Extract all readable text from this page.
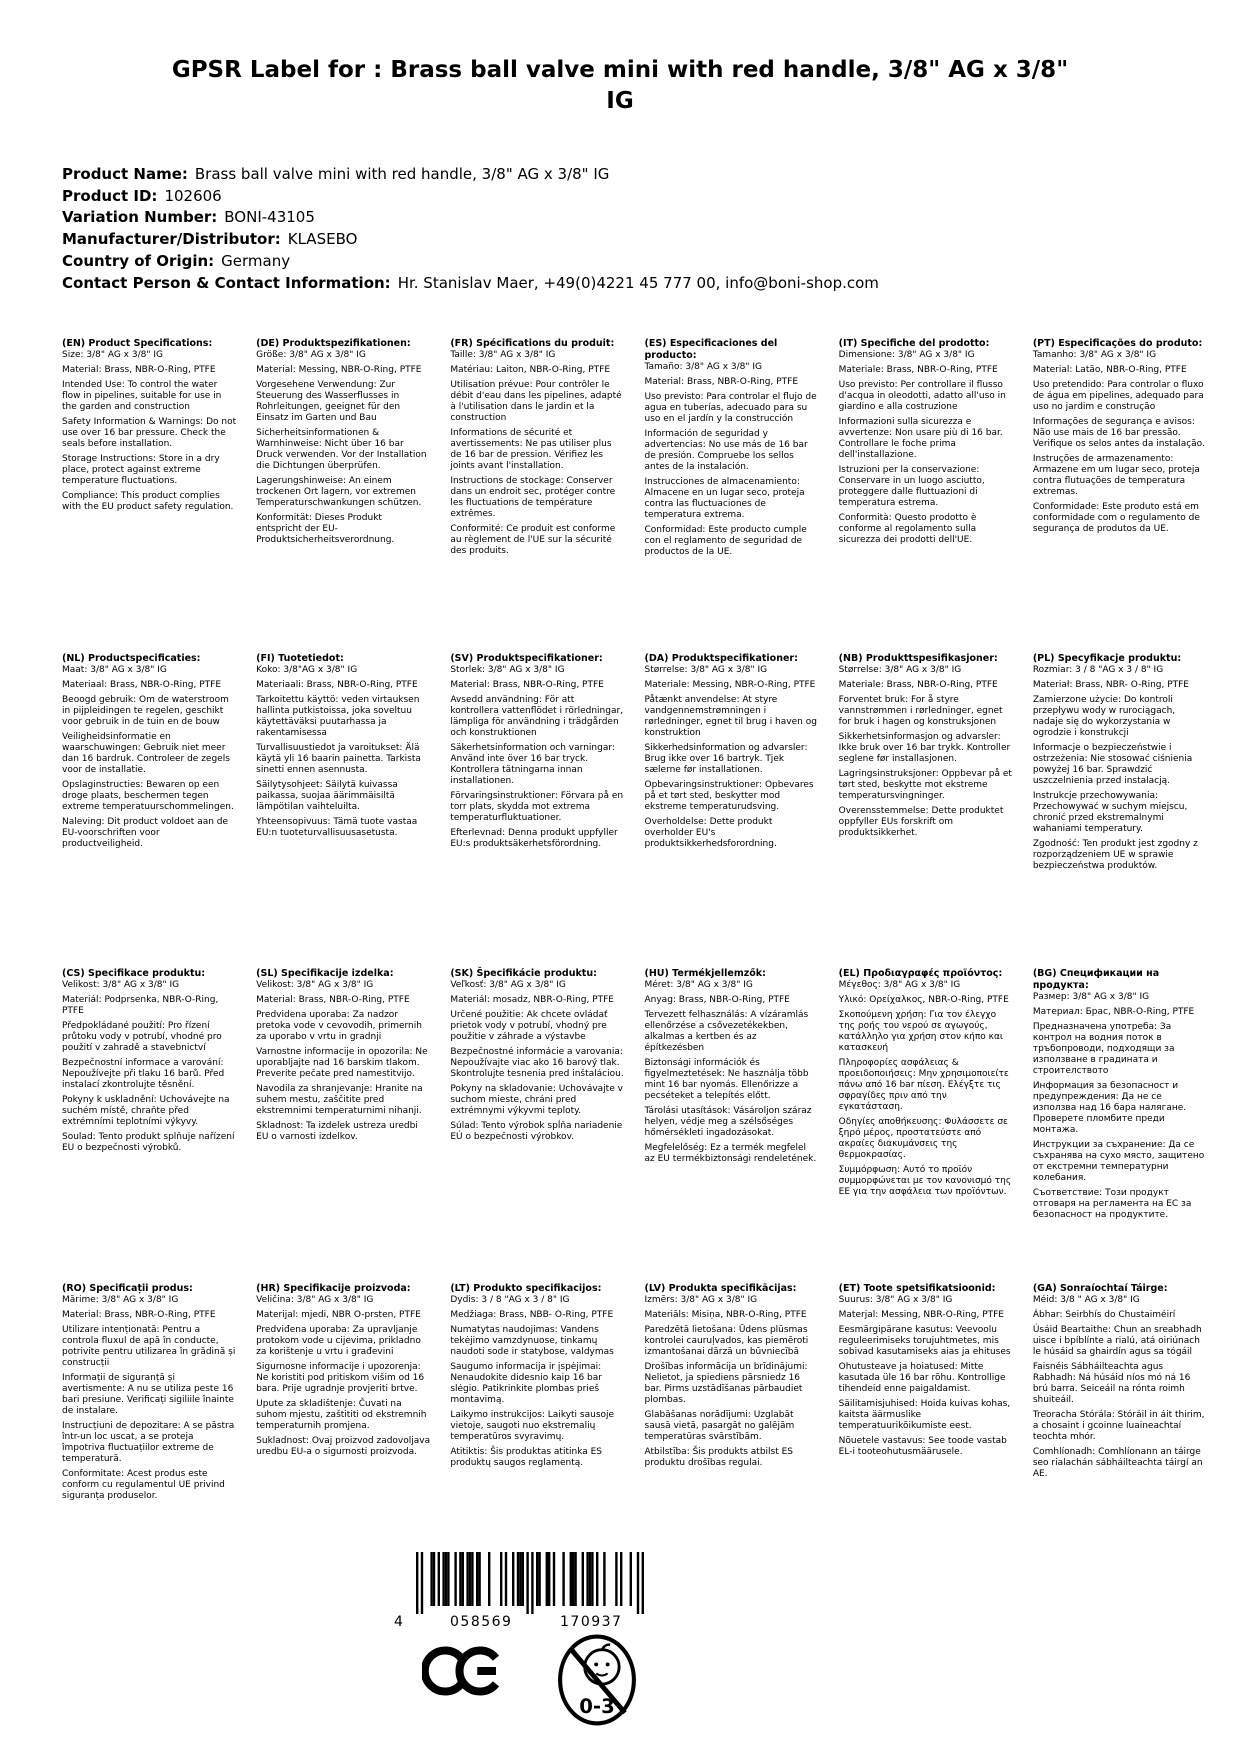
GPSR Label for : Brass ball valve mini with red handle, 3/8" AG x 3/8" IG
Product Name: Brass ball valve mini with red handle, 3/8" AG x 3/8" IG
Product ID: 102606
Variation Number: BONI-43105
Manufacturer/Distributor: KLASEBO
Country of Origin: Germany
Contact Person & Contact Information: Hr. Stanislav Maer, +49(0)4221 45 777 00, info@boni-shop.com
(EN) Product Specifications:

Size: 3/8" AG x 3/8" IG

Material: Brass, NBR-O-Ring, PTFE

Intended Use: To control the water flow in pipelines, suitable for use in the garden and construction

Safety Information & Warnings: Do not use over 16 bar pressure. Check the seals before installation.

Storage Instructions: Store in a dry place, protect against extreme temperature fluctuations.

Compliance: This product complies with the EU product safety regulation.

(DE) Produktspezifikationen:

Größe: 3/8" AG x 3/8" IG

Material: Messing, NBR-O-Ring, PTFE

Vorgesehene Verwendung: Zur Steuerung des Wasserflusses in Rohrleitungen, geeignet für den Einsatz im Garten und Bau

Sicherheitsinformationen & Warnhinweise: Nicht über 16 bar Druck verwenden. Vor der Installation die Dichtungen überprüfen.

Lagerungshinweise: An einem trockenen Ort lagern, vor extremen Temperaturschwankungen schützen.

Konformität: Dieses Produkt entspricht der EU-Produktsicherheitsverordnung.

(FR) Spécifications du produit:

Taille: 3/8" AG x 3/8" IG

Matériau: Laiton, NBR-O-Ring, PTFE

Utilisation prévue: Pour contrôler le débit d'eau dans les pipelines, adapté à l'utilisation dans le jardin et la construction

Informations de sécurité et avertissements: Ne pas utiliser plus de 16 bar de pression. Vérifiez les joints avant l'installation.

Instructions de stockage: Conserver dans un endroit sec, protéger contre les fluctuations de température extrêmes.

Conformité: Ce produit est conforme au règlement de l'UE sur la sécurité des produits.

(ES) Especificaciones del producto:

Tamaño: 3/8" AG x 3/8" IG

Material: Brass, NBR-O-Ring, PTFE

Uso previsto: Para controlar el flujo de agua en tuberías, adecuado para su uso en el jardín y la construcción

Información de seguridad y advertencias: No use más de 16 bar de presión. Compruebe los sellos antes de la instalación.

Instrucciones de almacenamiento: Almacene en un lugar seco, proteja contra las fluctuaciones de temperatura extrema.

Conformidad: Este producto cumple con el reglamento de seguridad de productos de la UE.

(IT) Specifiche del prodotto:

Dimensione: 3/8" AG x 3/8" IG

Materiale: Brass, NBR-O-Ring, PTFE

Uso previsto: Per controllare il flusso d'acqua in oleodotti, adatto all'uso in giardino e alla costruzione

Informazioni sulla sicurezza e avvertenze: Non usare più di 16 bar. Controllare le foche prima dell'installazione.

Istruzioni per la conservazione: Conservare in un luogo asciutto, proteggere dalle fluttuazioni di temperatura estrema.

Conformità: Questo prodotto è conforme al regolamento sulla sicurezza dei prodotti dell'UE.

(PT) Especificações do produto:

Tamanho: 3/8" AG x 3/8" IG

Material: Latão, NBR-O-Ring, PTFE

Uso pretendido: Para controlar o fluxo de água em pipelines, adequado para uso no jardim e construção

Informações de segurança e avisos: Não use mais de 16 bar pressão. Verifique os selos antes da instalação.

Instruções de armazenamento: Armazene em um lugar seco, proteja contra flutuações de temperatura extremas.

Conformidade: Este produto está em conformidade com o regulamento de segurança de produtos da UE.

(NL) Productspecificaties:

Maat: 3/8" AG x 3/8" IG

Materiaal: Brass, NBR-O-Ring, PTFE

Beoogd gebruik: Om de waterstroom in pijpleidingen te regelen, geschikt voor gebruik in de tuin en de bouw

Veiligheidsinformatie en waarschuwingen: Gebruik niet meer dan 16 bardruk. Controleer de zegels voor de installatie.

Opslaginstructies: Bewaren op een droge plaats, beschermen tegen extreme temperatuurschommelingen.

Naleving: Dit product voldoet aan de EU-voorschriften voor productveiligheid.

(FI) Tuotetiedot:

Koko: 3/8"AG x 3/8" IG

Materiaali: Brass, NBR-O-Ring, PTFE

Tarkoitettu käyttö: veden virtauksen hallinta putkistoissa, joka soveltuu käytettäväksi puutarhassa ja rakentamisessa

Turvallisuustiedot ja varoitukset: Älä käytä yli 16 baarin painetta. Tarkista sinetti ennen asennusta.

Säilytysohjeet: Säilytä kuivassa paikassa, suojaa äärimmäisiltä lämpötilan vaihteluilta.

Yhteensopivuus: Tämä tuote vastaa EU:n tuoteturvallisuusasetusta.

(SV) Produktspecifikationer:

Storlek: 3/8" AG x 3/8" IG

Material: Brass, NBR-O-Ring, PTFE

Avsedd användning: För att kontrollera vattenflödet i rörledningar, lämpliga för användning i trädgården och konstruktionen

Säkerhetsinformation och varningar: Använd inte över 16 bar tryck. Kontrollera tätningarna innan installationen.

Förvaringsinstruktioner: Förvara på en torr plats, skydda mot extrema temperaturfluktuationer.

Efterlevnad: Denna produkt uppfyller EU:s produktsäkerhetsförordning.

(DA) Produktspecifikationer:

Størrelse: 3/8" AG x 3/8" IG

Materiale: Messing, NBR-O-Ring, PTFE

Påtænkt anvendelse: At styre vandgennemstrømningen i rørledninger, egnet til brug i haven og konstruktion

Sikkerhedsinformation og advarsler: Brug ikke over 16 bartryk. Tjek sælerne før installationen.

Opbevaringsinstruktioner: Opbevares på et tørt sted, beskytter mod ekstreme temperaturudsving.

Overholdelse: Dette produkt overholder EU's produktsikkerhedsforordning.

(NB) Produkttspesifikasjoner:

Størrelse: 3/8" AG x 3/8" IG

Materiale: Brass, NBR-O-Ring, PTFE

Forventet bruk: For å styre vannstrømmen i rørledninger, egnet for bruk i hagen og konstruksjonen

Sikkerhetsinformasjon og advarsler: Ikke bruk over 16 bar trykk. Kontroller seglene før installasjonen.

Lagringsinstruksjoner: Oppbevar på et tørt sted, beskytte mot ekstreme temperatursvingninger.

Overensstemmelse: Dette produktet oppfyller EUs forskrift om produktsikkerhet.

(PL) Specyfikacje produktu:

Rozmiar: 3 / 8 "AG x 3 / 8" IG

Materiał: Brass, NBR- O-Ring, PTFE

Zamierzone użycie: Do kontroli przepływu wody w rurociągach, nadaje się do wykorzystania w ogrodzie i konstrukcji

Informacje o bezpieczeństwie i ostrzeżenia: Nie stosować ciśnienia powyżej 16 bar. Sprawdzić uszczelnienia przed instalacją.

Instrukcje przechowywania: Przechowywać w suchym miejscu, chronić przed ekstremalnymi wahaniami temperatury.

Zgodność: Ten produkt jest zgodny z rozporządzeniem UE w sprawie bezpieczeństwa produktów.

(CS) Specifikace produktu:

Velikost: 3/8" AG x 3/8" IG

Materiál: Podprsenka, NBR-O-Ring, PTFE

Předpokládané použití: Pro řízení průtoku vody v potrubí, vhodné pro použití v zahradě a stavebnictví

Bezpečnostní informace a varování: Nepoužívejte při tlaku 16 barů. Před instalací zkontrolujte těsnění.

Pokyny k uskladnění: Uchovávejte na suchém místě, chraňte před extrémními teplotními výkyvy.

Soulad: Tento produkt splňuje nařízení EU o bezpečnosti výrobků.

(SL) Specifikacije izdelka:

Velikost: 3/8" AG x 3/8" IG

Material: Brass, NBR-O-Ring, PTFE

Predvidena uporaba: Za nadzor pretoka vode v cevovodih, primernih za uporabo v vrtu in gradnji

Varnostne informacije in opozorila: Ne uporabljajte nad 16 barskim tlakom. Preverite pečate pred namestitvijo.

Navodila za shranjevanje: Hranite na suhem mestu, zaščitite pred ekstremnimi temperaturnimi nihanji.

Skladnost: Ta izdelek ustreza uredbi EU o varnosti izdelkov.

(SK) Špecifikácie produktu:

Veľkosť: 3/8" AG x 3/8" IG

Materiál: mosadz, NBR-O-Ring, PTFE

Určené použitie: Ak chcete ovládať prietok vody v potrubí, vhodný pre použitie v záhrade a výstavbe

Bezpečnostné informácie a varovania: Nepoužívajte viac ako 16 barový tlak. Skontrolujte tesnenia pred inštaláciou.

Pokyny na skladovanie: Uchovávajte v suchom mieste, chráni pred extrémnymi výkyvmi teploty.

Súlad: Tento výrobok spĺňa nariadenie EÚ o bezpečnosti výrobkov.

(HU) Termékjellemzők:

Méret: 3/8" AG x 3/8" IG

Anyag: Brass, NBR-O-Ring, PTFE

Tervezett felhasználás: A vízáramlás ellenőrzése a csővezetékekben, alkalmas a kertben és az építkezésben

Biztonsági információk és figyelmeztetések: Ne használja több mint 16 bar nyomás. Ellenőrizze a pecséteket a telepítés előtt.

Tárolási utasítások: Vásároljon száraz helyen, védje meg a szélsőséges hőmérsékleti ingadozásokat.

Megfelelőség: Ez a termék megfelel az EU termékbiztonsági rendeletének.

(EL) Προδιαγραφές προϊόντος:

Μέγεθος: 3/8" AG x 3/8" IG

Υλικό: Ορείχαλκος, NBR-O-Ring, PTFE

Σκοπούμενη χρήση: Για τον έλεγχο της ροής του νερού σε αγωγούς, κατάλληλο για χρήση στον κήπο και κατασκευή

Πληροφορίες ασφάλειας & προειδοποιήσεις: Μην χρησιμοποιείτε πάνω από 16 bar πίεση. Ελέγξτε τις σφραγίδες πριν από την εγκατάσταση.

Οδηγίες αποθήκευσης: Φυλάσσετε σε ξηρό μέρος, προστατεύστε από ακραίες διακυμάνσεις της θερμοκρασίας.

Συμμόρφωση: Αυτό το προϊόν συμμορφώνεται με τον κανονισμό της ΕΕ για την ασφάλεια των προϊόντων.

(BG) Спецификации на продукта:

Размер: 3/8" AG x 3/8" IG

Материал: Брас, NBR-O-Ring, PTFE

Предназначена употреба: За контрол на водния поток в тръбопроводи, подходящи за използване в градината и строителството

Информация за безопасност и предупреждения: Да не се използва над 16 бара налягане. Проверете пломбите преди монтажа.

Инструкции за съхранение: Да се съхранява на сухо място, защитено от екстремни температурни колебания.

Съответствие: Този продукт отговаря на регламента на ЕС за безопасност на продуктите.

(RO) Specificații produs:

Mărime: 3/8" AG x 3/8" IG

Material: Brass, NBR-O-Ring, PTFE

Utilizare intenționată: Pentru a controla fluxul de apă în conducte, potrivite pentru utilizarea în grădină și construcții

Informații de siguranță și avertismente: A nu se utiliza peste 16 bari presiune. Verificați sigiliile înainte de instalare.

Instrucțiuni de depozitare: A se păstra într-un loc uscat, a se proteja împotriva fluctuațiilor extreme de temperatură.

Conformitate: Acest produs este conform cu regulamentul UE privind siguranța produselor.

(HR) Specifikacije proizvoda:

Veličina: 3/8" AG x 3/8" IG

Materijal: mjedi, NBR O-prsten, PTFE

Predviđena uporaba: Za upravljanje protokom vode u cijevima, prikladno za korištenje u vrtu i građevini

Sigurnosne informacije i upozorenja: Ne koristiti pod pritiskom višim od 16 bara. Prije ugradnje provjeriti brtve.

Upute za skladištenje: Čuvati na suhom mjestu, zaštititi od ekstremnih temperaturnih promjena.

Sukladnost: Ovaj proizvod zadovoljava uredbu EU-a o sigurnosti proizvoda.

(LT) Produkto specifikacijos:

Dydis: 3 / 8 "AG x 3 / 8" IG

Medžiaga: Brass, NBB- O-Ring, PTFE

Numatytas naudojimas: Vandens tekėjimo vamzdynuose, tinkamų naudoti sode ir statybose, valdymas

Saugumo informacija ir įspėjimai: Nenaudokite didesnio kaip 16 bar slėgio. Patikrinkite plombas prieš montavimą.

Laikymo instrukcijos: Laikyti sausoje vietoje, saugoti nuo ekstremalių temperatūros svyravimų.

Atitiktis: Šis produktas atitinka ES produktų saugos reglamentą.

(LV) Produkta specifikācijas:

Izmērs: 3/8" AG x 3/8" IG

Materiāls: Misiņa, NBR-O-Ring, PTFE

Paredzētā lietošana: Ūdens plūsmas kontrolei cauruļvados, kas piemēroti izmantošanai dārzā un būvniecībā

Drošības informācija un brīdinājumi: Nelietot, ja spiediens pārsniedz 16 bar. Pirms uzstādīšanas pārbaudiet plombas.

Glabāšanas norādījumi: Uzglabāt sausā vietā, pasargāt no galējām temperatūras svārstībām.

Atbilstība: Šis produkts atbilst ES produktu drošības regulai.

(ET) Toote spetsifikatsioonid:

Suurus: 3/8" AG x 3/8" IG

Materjal: Messing, NBR-O-Ring, PTFE

Eesmärgipärane kasutus: Veevoolu reguleerimiseks torujuhtmetes, mis sobivad kasutamiseks aias ja ehituses

Ohutusteave ja hoiatused: Mitte kasutada üle 16 bar rõhu. Kontrollige tihendeid enne paigaldamist.

Säilitamisjuhised: Hoida kuivas kohas, kaitsta äärmuslike temperatuurikõikumiste eest.

Nõuetele vastavus: See toode vastab EL-i tooteohutusmäärusele.

(GA) Sonraíochtaí Táirge:

Méid: 3/8 " AG x 3/8" IG

Ábhar: Seirbhís do Chustaiméirí

Úsáid Beartaithe: Chun an sreabhadh uisce i bpíblínte a rialú, atá oiriúnach le húsáid sa ghairdín agus sa tógáil

Faisnéis Sábháilteachta agus Rabhadh: Ná húsáid níos mó ná 16 brú barra. Seiceáil na rónta roimh shuiteáil.

Treoracha Stórála: Stóráil in áit thirim, a chosaint i gcoinne luaineachtaí teochta mhór.

Comhlíonadh: Comhlíonann an táirge seo rialachán sábháilteachta táirgí an AE.

4	058569	170937
0-3
